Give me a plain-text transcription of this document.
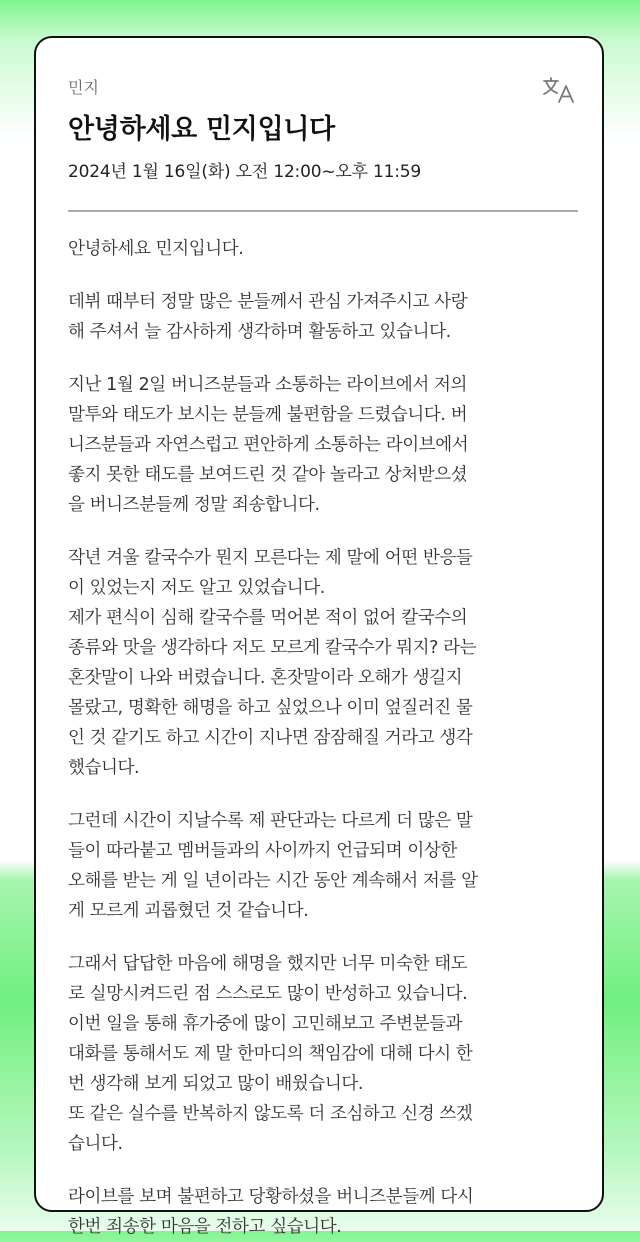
민지
안녕하세요 민지입니다
2024년 1월 16일(화) 오전 12:00~오후 11:59

안녕하세요 민지입니다.

데뷔 때부터 정말 많은 분들께서 관심 가져주시고 사랑
해 주셔서 늘 감사하게 생각하며 활동하고 있습니다.

지난 1월 2일 버니즈분들과 소통하는 라이브에서 저의
말투와 태도가 보시는 분들께 불편함을 드렸습니다. 버
니즈분들과 자연스럽고 편안하게 소통하는 라이브에서
좋지 못한 태도를 보여드린 것 같아 놀라고 상처받으셨
을 버니즈분들께 정말 죄송합니다.

작년 겨울 칼국수가 뭔지 모른다는 제 말에 어떤 반응들
이 있었는지 저도 알고 있었습니다.
제가 편식이 심해 칼국수를 먹어본 적이 없어 칼국수의
종류와 맛을 생각하다 저도 모르게 칼국수가 뭐지? 라는
혼잣말이 나와 버렸습니다. 혼잣말이라 오해가 생길지
몰랐고, 명확한 해명을 하고 싶었으나 이미 엎질러진 물
인 것 같기도 하고 시간이 지나면 잠잠해질 거라고 생각
했습니다.

그런데 시간이 지날수록 제 판단과는 다르게 더 많은 말
들이 따라붙고 멤버들과의 사이까지 언급되며 이상한
오해를 받는 게 일 년이라는 시간 동안 계속해서 저를 알
게 모르게 괴롭혔던 것 같습니다.

그래서 답답한 마음에 해명을 했지만 너무 미숙한 태도
로 실망시켜드린 점 스스로도 많이 반성하고 있습니다.
이번 일을 통해 휴가중에 많이 고민해보고 주변분들과
대화를 통해서도 제 말 한마디의 책임감에 대해 다시 한
번 생각해 보게 되었고 많이 배웠습니다.
또 같은 실수를 반복하지 않도록 더 조심하고 신경 쓰겠
습니다.

라이브를 보며 불편하고 당황하셨을 버니즈분들께 다시
한번 죄송한 마음을 전하고 싶습니다.
